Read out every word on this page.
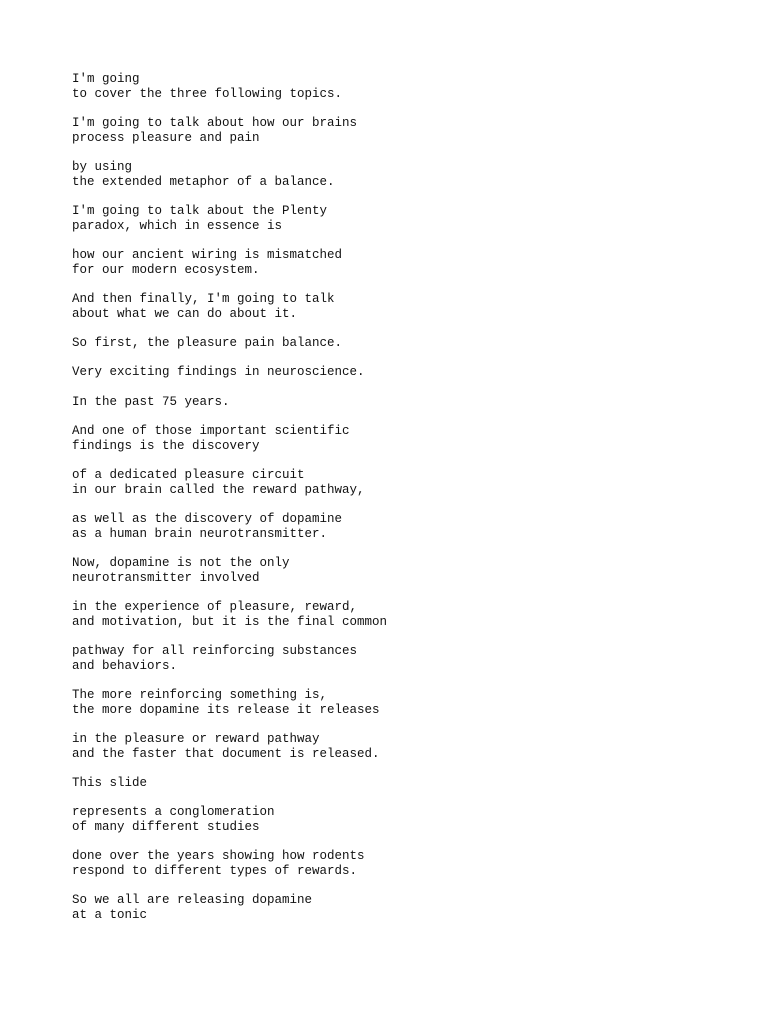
I'm going
to cover the three following topics.

I'm going to talk about how our brains
process pleasure and pain

by using
the extended metaphor of a balance.

I'm going to talk about the Plenty
paradox, which in essence is

how our ancient wiring is mismatched
for our modern ecosystem.

And then finally, I'm going to talk
about what we can do about it.

So first, the pleasure pain balance.

Very exciting findings in neuroscience.

In the past 75 years.

And one of those important scientific
findings is the discovery

of a dedicated pleasure circuit
in our brain called the reward pathway,

as well as the discovery of dopamine
as a human brain neurotransmitter.

Now, dopamine is not the only
neurotransmitter involved

in the experience of pleasure, reward,
and motivation, but it is the final common

pathway for all reinforcing substances
and behaviors.

The more reinforcing something is,
the more dopamine its release it releases

in the pleasure or reward pathway
and the faster that document is released.

This slide

represents a conglomeration
of many different studies

done over the years showing how rodents
respond to different types of rewards.

So we all are releasing dopamine
at a tonic
